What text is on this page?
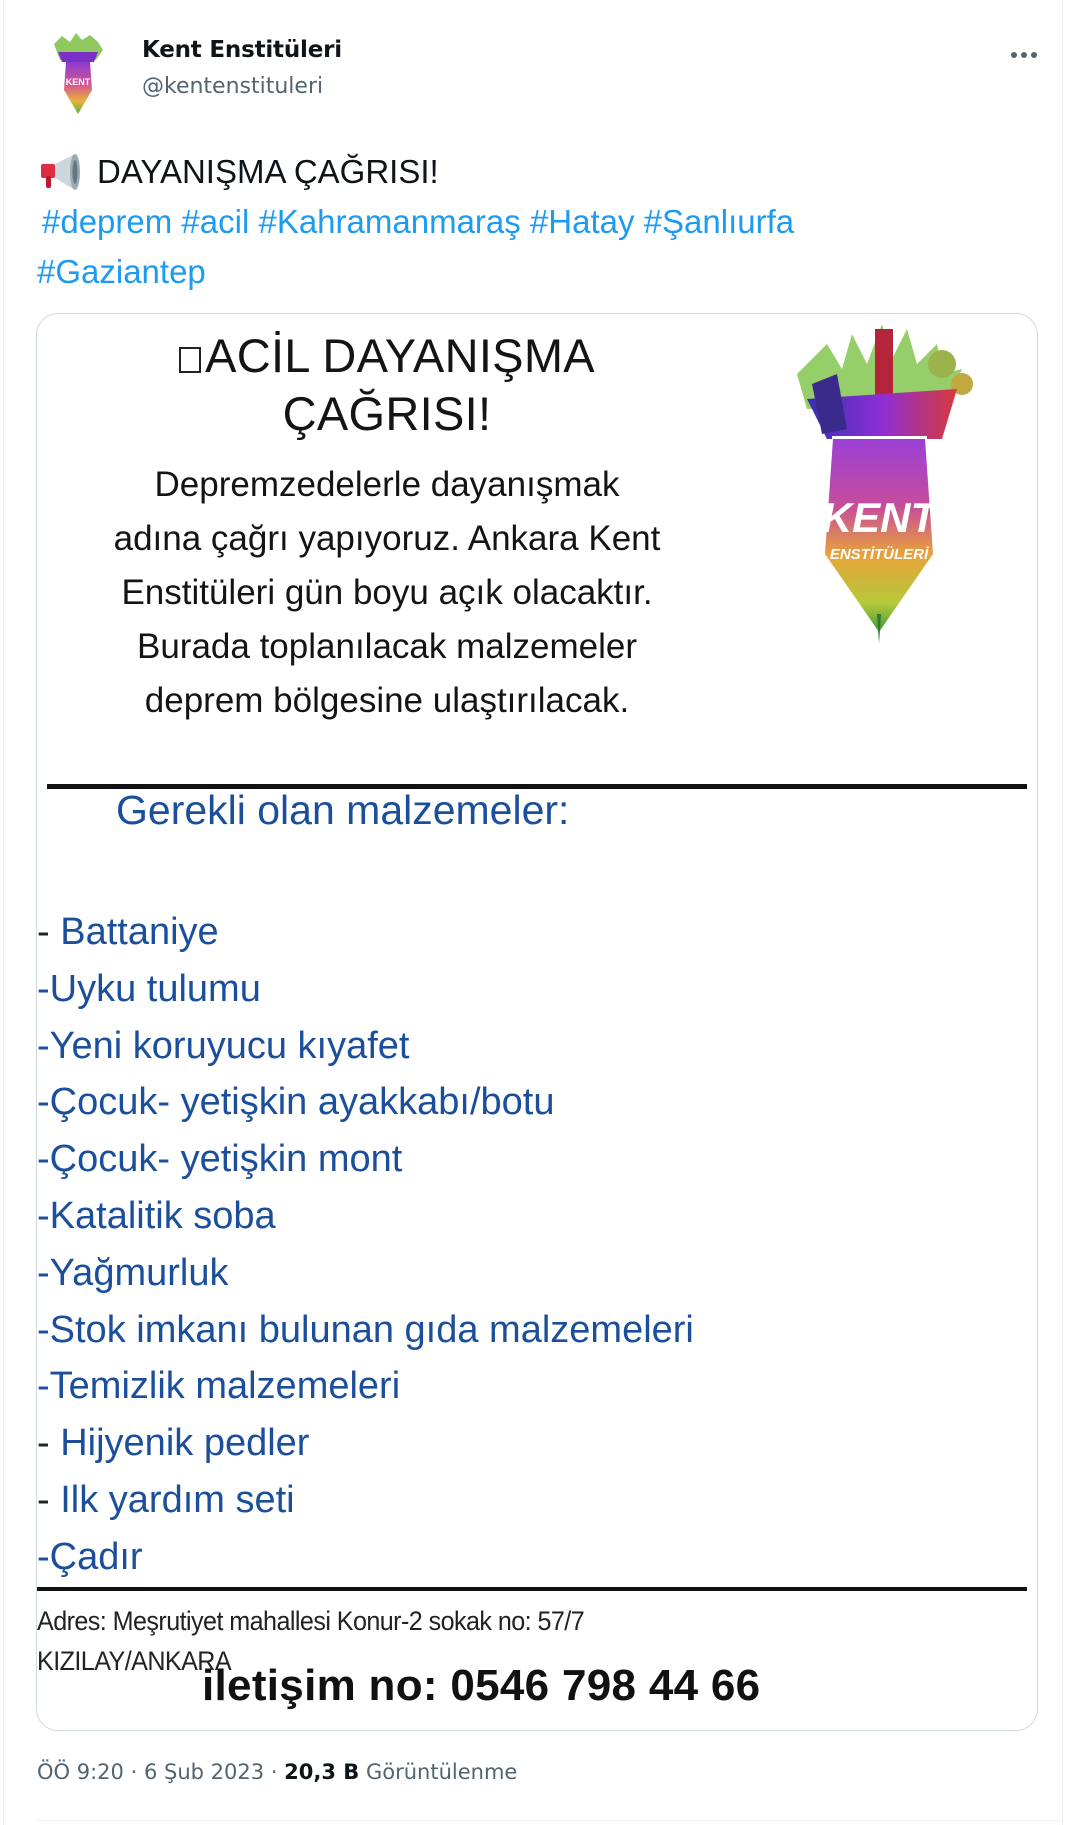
KENT
Kent Enstitüleri
@kentenstituleri
DAYANIŞMA ÇAĞRISI!
#deprem #acil #Kahramanmaraş #Hatay #Şanlıurfa
#Gaziantep
ACİL DAYANIŞMA
ÇAĞRISI!
Depremzedelerle dayanışmak
adına çağrı yapıyoruz. Ankara Kent
Enstitüleri gün boyu açık olacaktır.
Burada toplanılacak malzemeler
deprem bölgesine ulaştırılacak.
KENT
ENSTİTÜLERİ
Gerekli olan malzemeler:
- Battaniye
-Uyku tulumu
-Yeni koruyucu kıyafet
-Çocuk- yetişkin ayakkabı/botu
-Çocuk- yetişkin mont
-Katalitik soba
-Yağmurluk
-Stok imkanı bulunan gıda malzemeleri
-Temizlik malzemeleri
- Hijyenik pedler
- Ilk yardım seti
-Çadır
Adres: Meşrutiyet mahallesi Konur-2 sokak no: 57/7
KIZILAY/ANKARA
iletişim no: 0546 798 44 66
ÖÖ 9:20 · 6 Şub 2023 · 20,3 B Görüntülenme
